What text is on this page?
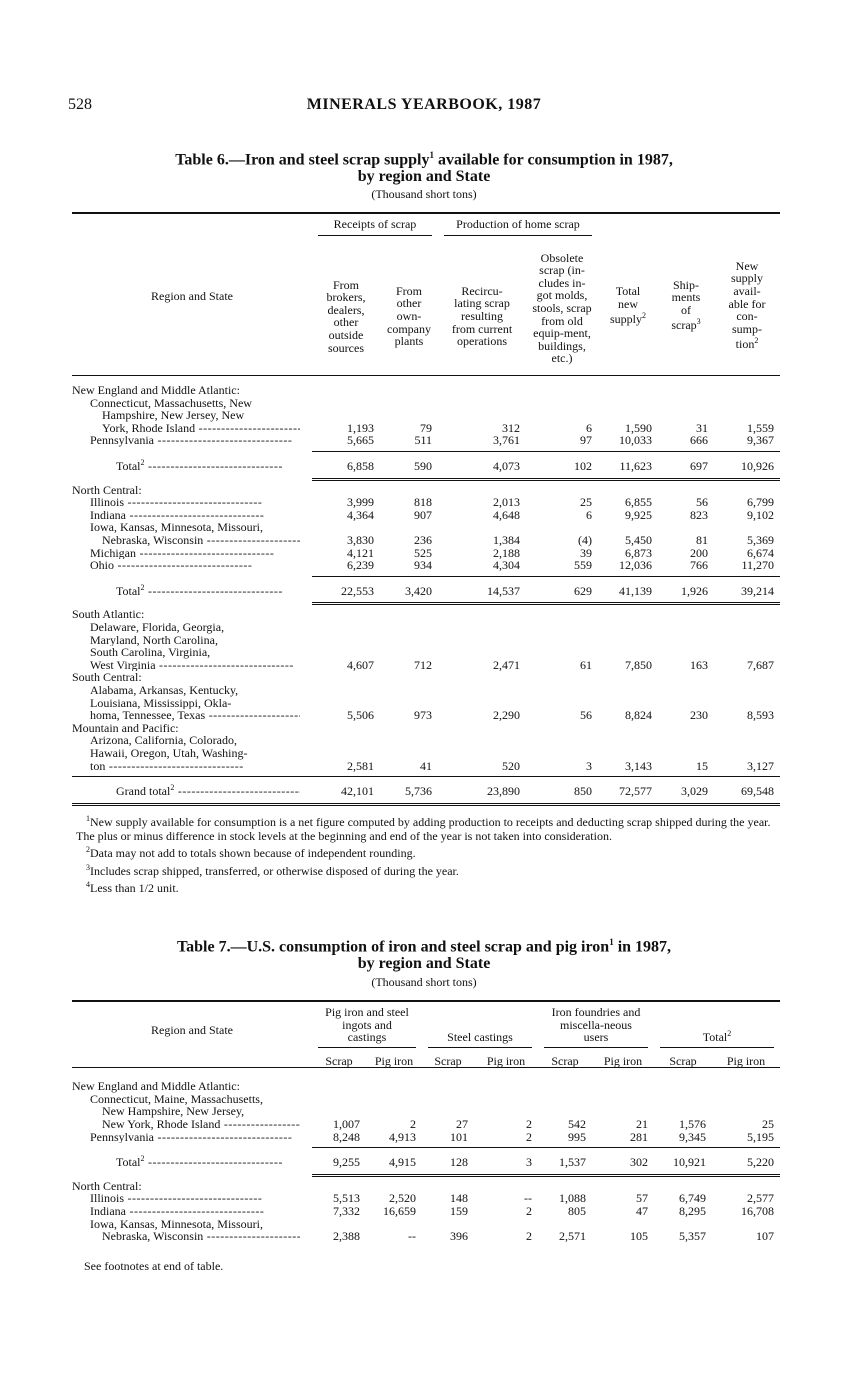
528	MINERALS YEARBOOK, 1987
Table 6.—Iron and steel scrap supply$^1$ available for consumption in 1987,
by region and State
(Thousand short tons)

Region and State	Receipts of scrap		Production of home scrap				

	From brokers, dealers, other outside sources	From other own-company plants	Recircu-lating scrap resulting from current operations	Obsolete scrap (in-cludes in-got molds, stools, scrap from old equip-ment, buildings, etc.)	Total new supply$^2$	Ship-ments of scrap$^3$	New supply avail-able for con-sump-tion$^2$

New England and Middle Atlantic:							

Connecticut, Massachusetts, New							

Hampshire, New Jersey, New							

York, Rhode Island -----	1,193	79	312	6	1,590	31	1,559

Pennsylvania -----	5,665	511	3,761	97	10,033	666	9,367

Total$^2$ -----	6,858	590	4,073	102	11,623	697	10,926

North Central:							

Illinois -----	3,999	818	2,013	25	6,855	56	6,799

Indiana -----	4,364	907	4,648	6	9,925	823	9,102

Iowa, Kansas, Minnesota, Missouri,							

Nebraska, Wisconsin -----	3,830	236	1,384	(4)	5,450	81	5,369

Michigan -----	4,121	525	2,188	39	6,873	200	6,674

Ohio -----	6,239	934	4,304	559	12,036	766	11,270

Total$^2$ -----	22,553	3,420	14,537	629	41,139	1,926	39,214

South Atlantic:							

Delaware, Florida, Georgia,							

Maryland, North Carolina,							

South Carolina, Virginia,							

West Virginia -----	4,607	712	2,471	61	7,850	163	7,687

South Central:							

Alabama, Arkansas, Kentucky,							

Louisiana, Mississippi, Okla-							

homa, Tennessee, Texas -----	5,506	973	2,290	56	8,824	230	8,593

Mountain and Pacific:							

Arizona, California, Colorado,							

Hawaii, Oregon, Utah, Washing-							

ton -----	2,581	41	520	3	3,143	15	3,127

Grand total$^2$ -----	42,101	5,736	23,890	850	72,577	3,029	69,548

$^1$New supply available for consumption is a net figure computed by adding production to receipts and deducting scrap shipped during the year. The plus or minus difference in stock levels at the beginning and end of the year is not taken into consideration.

$^2$Data may not add to totals shown because of independent rounding.

$^3$Includes scrap shipped, transferred, or otherwise disposed of during the year.

$^4$Less than 1/2 unit.

Table 7.—U.S. consumption of iron and steel scrap and pig iron$^1$ in 1987,
by region and State
(Thousand short tons)

Region and State	Pig iron and steel ingots and castings		Steel castings		Iron foundries and miscella-neous users		Total$^2$

	Scrap	Pig iron	Scrap	Pig iron	Scrap	Pig iron	Scrap	Pig iron

New England and Middle Atlantic:								

Connecticut, Maine, Massachusetts,								

New Hampshire, New Jersey,								

New York, Rhode Island -----	1,007	2	27	2	542	21	1,576	25

Pennsylvania -----	8,248	4,913	101	2	995	281	9,345	5,195

Total$^2$ -----	9,255	4,915	128	3	1,537	302	10,921	5,220

North Central:								

Illinois -----	5,513	2,520	148	--	1,088	57	6,749	2,577

Indiana -----	7,332	16,659	159	2	805	47	8,295	16,708

Iowa, Kansas, Minnesota, Missouri,								

Nebraska, Wisconsin -----	2,388	--	396	2	2,571	105	5,357	107
See footnotes at end of table.
